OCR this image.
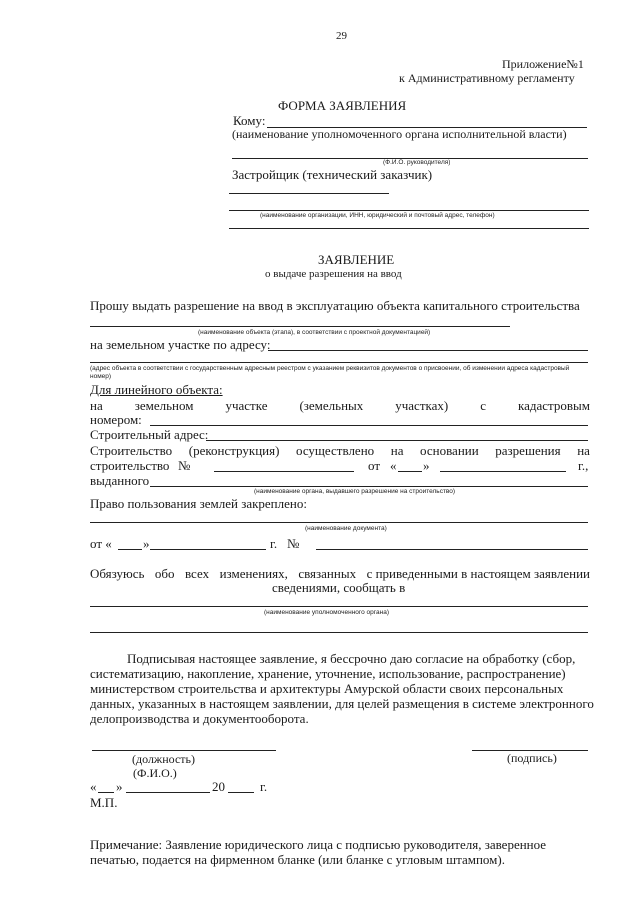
29
Приложение№1
к Административному регламенту
ФОРМА ЗАЯВЛЕНИЯ
Кому:
(наименование уполномоченного органа исполнительной власти)
(Ф.И.О. руководителя)
Застройщик (технический заказчик)
(наименование организации, ИНН, юридический и почтовый адрес, телефон)
ЗАЯВЛЕНИЕ
о выдаче разрешения на ввод
Прошу выдать разрешение на ввод в эксплуатацию объекта капитального строительства
(наименование объекта (этапа), в соответствии с проектной документацией)
на земельном участке по адресу:
(адрес объекта в соответствии с государственным адресным реестром с указанием реквизитов документов о присвоении, об изменении адреса кадастровый номер)
Для линейного объекта:
на земельном участке (земельных участках) с кадастровым
номером:
Строительный адрес:
Строительство (реконструкция) осуществлено на основании разрешения на
строительство №	от « »	г.,
выданного
(наименование органа, выдавшего разрешение на строительство)
Право пользования землей закреплено:
(наименование документа)
от « »	г. №
Обязуюсь обо всех изменениях, связанных с приведенными в настоящем заявлении
сведениями, сообщать в
(наименование уполномоченного органа)
Подписывая настоящее заявление, я бессрочно даю согласие на обработку (сбор,
систематизацию, накопление, хранение, уточнение, использование, распространение)
министерством строительства и архитектуры Амурской области своих персональных
данных, указанных в настоящем заявлении, для целей размещения в системе электронного
делопроизводства и документооборота.
(должность)	(подпись)
(Ф.И.О.)
« »	20	г.
М.П.
Примечание: Заявление юридического лица с подписью руководителя, заверенное
печатью, подается на фирменном бланке (или бланке с угловым штампом).
